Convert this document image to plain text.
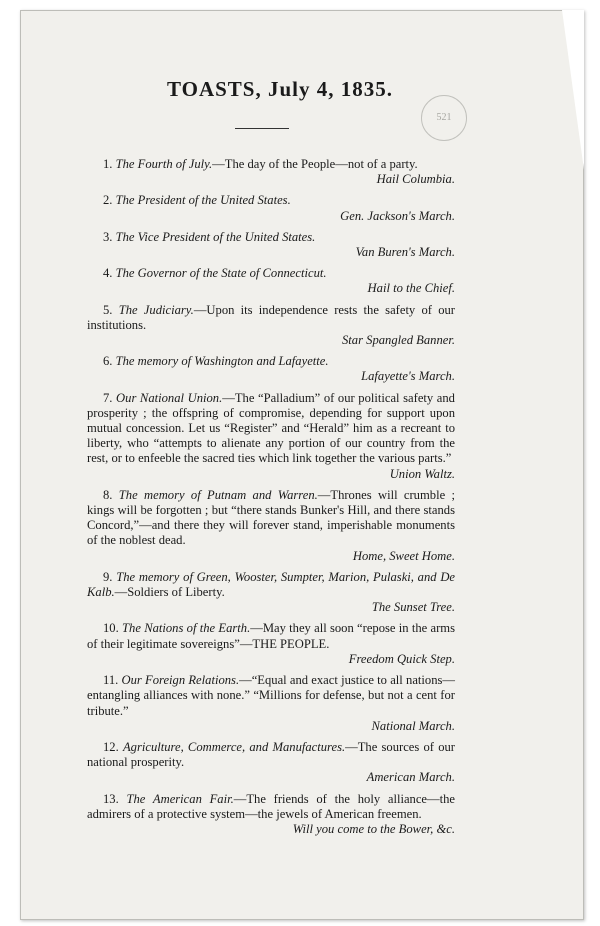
521
TOASTS, July 4, 1835.
1. The Fourth of July.—The day of the People—not of a party.
Hail Columbia.
2. The President of the United States.
Gen. Jackson's March.
3. The Vice President of the United States.
Van Buren's March.
4. The Governor of the State of Connecticut.
Hail to the Chief.
5. The Judiciary.—Upon its independence rests the safety of our institutions.
Star Spangled Banner.
6. The memory of Washington and Lafayette.
Lafayette's March.
7. Our National Union.—The “Palladium” of our political safety and prosperity ; the offspring of compromise, depending for support upon mutual concession. Let us “Register” and “Herald” him as a recreant to liberty, who “attempts to alienate any portion of our country from the rest, or to enfeeble the sacred ties which link together the various parts.”
Union Waltz.
8. The memory of Putnam and Warren.—Thrones will crumble ; kings will be forgotten ; but “there stands Bunker's Hill, and there stands Concord,”—and there they will forever stand, imperishable monuments of the noblest dead.
Home, Sweet Home.
9. The memory of Green, Wooster, Sumpter, Marion, Pulaski, and De Kalb.—Soldiers of Liberty.
The Sunset Tree.
10. The Nations of the Earth.—May they all soon “repose in the arms of their legitimate sovereigns”—THE PEOPLE.
Freedom Quick Step.
11. Our Foreign Relations.—“Equal and exact justice to all nations—entangling alliances with none.” “Millions for defense, but not a cent for tribute.”
National March.
12. Agriculture, Commerce, and Manufactures.—The sources of our national prosperity.
American March.
13. The American Fair.—The friends of the holy alliance—the admirers of a protective system—the jewels of American freemen.
Will you come to the Bower, &c.
